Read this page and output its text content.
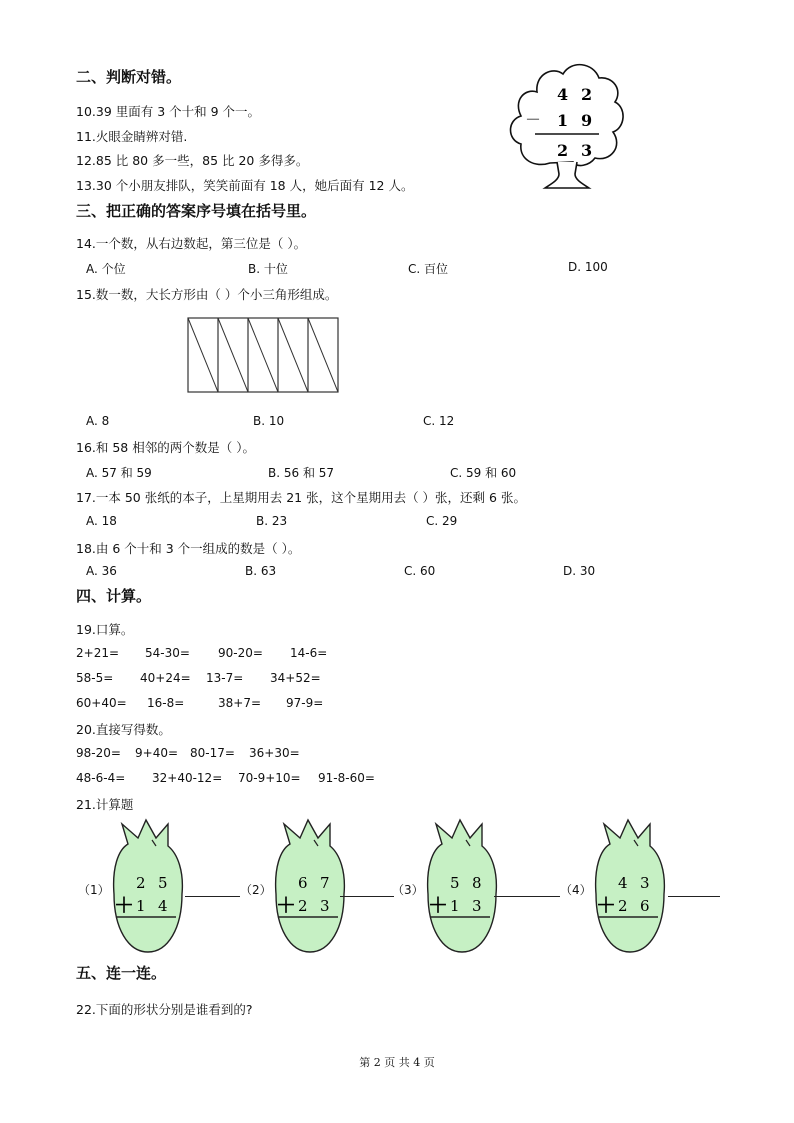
二、判断对错。
10.39 里面有 3 个十和 9 个一。
11.火眼金睛辨对错.
12.85 比 80 多一些，85 比 20 多得多。
13.30 个小朋友排队，笑笑前面有 18 人，她后面有 12 人。
4 2
－ 1 9
2 3
三、把正确的答案序号填在括号里。
14.一个数，从右边数起，第三位是（ ）。
A. 个位	B. 十位	C. 百位	D. 100
15.数一数，大长方形由（ ）个小三角形组成。
A. 8	B. 10	C. 12
16.和 58 相邻的两个数是（ ）。
A. 57 和 59	B. 56 和 57	C. 59 和 60
17.一本 50 张纸的本子，上星期用去 21 张，这个星期用去（ ）张，还剩 6 张。
A. 18	B. 23	C. 29
18.由 6 个十和 3 个一组成的数是（ ）。
A. 36	B. 63	C. 60	D. 30
四、计算。
19.口算。
2+21= 54-30= 90-20= 14-6=
58-5= 40+24= 13-7= 34+52=
60+40= 16-8=	38+7= 97-9=
20.直接写得数。
98-20= 9+40= 80-17= 36+30=
48-6-4= 32+40-12= 70-9+10= 91-8-60=
21.计算题
（1） 2 5
＋ 1 4
（2） 6 7
＋ 2 3
（3） 5 8
＋ 1 3
（4） 4 3
＋ 2 6
五、连一连。
22.下面的形状分别是谁看到的?
第 2 页 共 4 页
